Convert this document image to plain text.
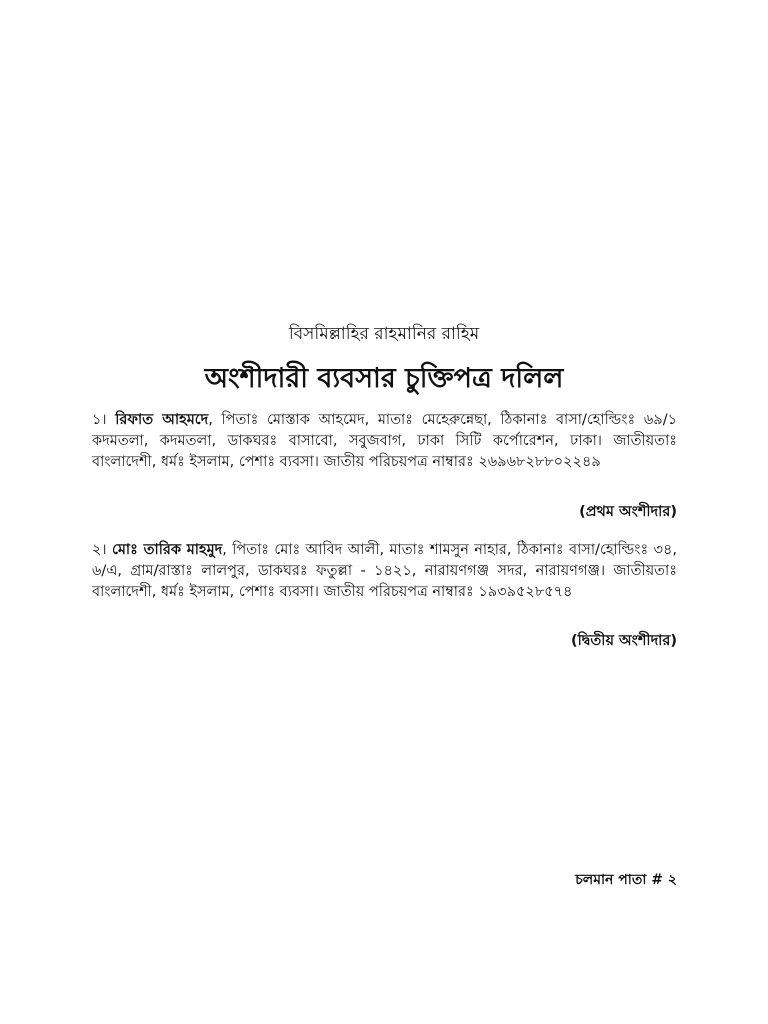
বিসমিল্লাহির রাহমানির রাহিম
অংশীদারী ব্যবসার চুক্তিপত্র দলিল
১। রিফাত আহমদে, পিতাঃ মোস্তাক আহমেদ, মাতাঃ মেহেরুন্নেছা, ঠিকানাঃ বাসা/হোল্ডিংঃ ৬৯/১ কদমতলা, কদমতলা, ডাকঘরঃ বাসাবো, সবুজবাগ, ঢাকা সিটি কর্পোরেশন, ঢাকা। জাতীয়তাঃ বাংলাদেশী, ধর্মঃ ইসলাম, পেশাঃ ব্যবসা। জাতীয় পরিচয়পত্র নাম্বারঃ ২৬৯৬৮২৮৮০২২৪৯
(প্রথম অংশীদার)
২। মোঃ তারিক মাহমুদ, পিতাঃ মোঃ আবিদ আলী, মাতাঃ শামসুন নাহার, ঠিকানাঃ বাসা/হোল্ডিংঃ ৩৪, ৬/এ, গ্রাম/রাস্তাঃ লালপুর, ডাকঘরঃ ফতুল্লা - ১৪২১, নারায়ণগঞ্জ সদর, নারায়ণগঞ্জ। জাতীয়তাঃ বাংলাদেশী, ধর্মঃ ইসলাম, পেশাঃ ব্যবসা। জাতীয় পরিচয়পত্র নাম্বারঃ ১৯৩৯৫২৮৫৭৪
(দ্বিতীয় অংশীদার)
চলমান পাতা # ২
